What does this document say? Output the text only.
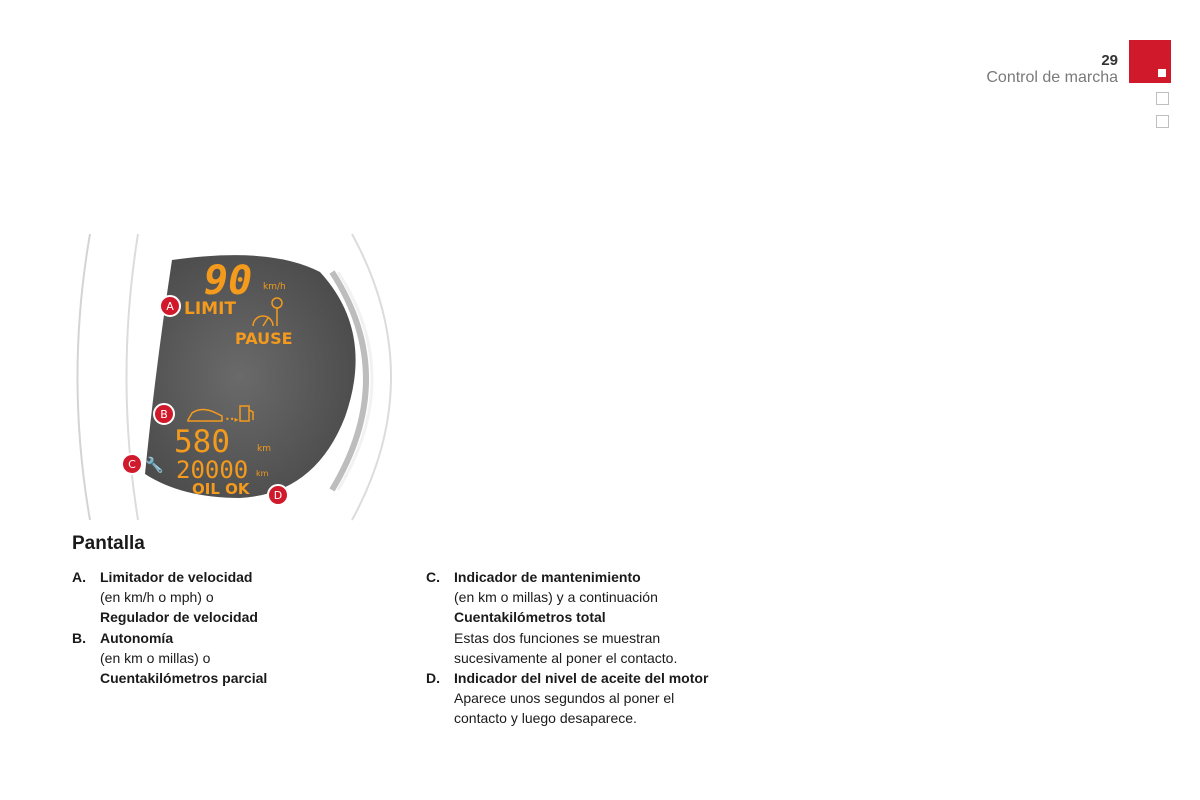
29
Control de marcha
90 km/h
LIMIT
PAUSE
••▸
580	km
🔧 20000 km
OIL OK
A
B
C
D
Pantalla
A. Limitador de velocidad
(en km/h o mph) o
Regulador de velocidad
B. Autonomía
(en km o millas) o
Cuentakilómetros parcial
C. Indicador de mantenimiento
(en km o millas) y a continuación
Cuentakilómetros total
Estas dos funciones se muestran
sucesivamente al poner el contacto.
D. Indicador del nivel de aceite del motor
Aparece unos segundos al poner el
contacto y luego desaparece.
